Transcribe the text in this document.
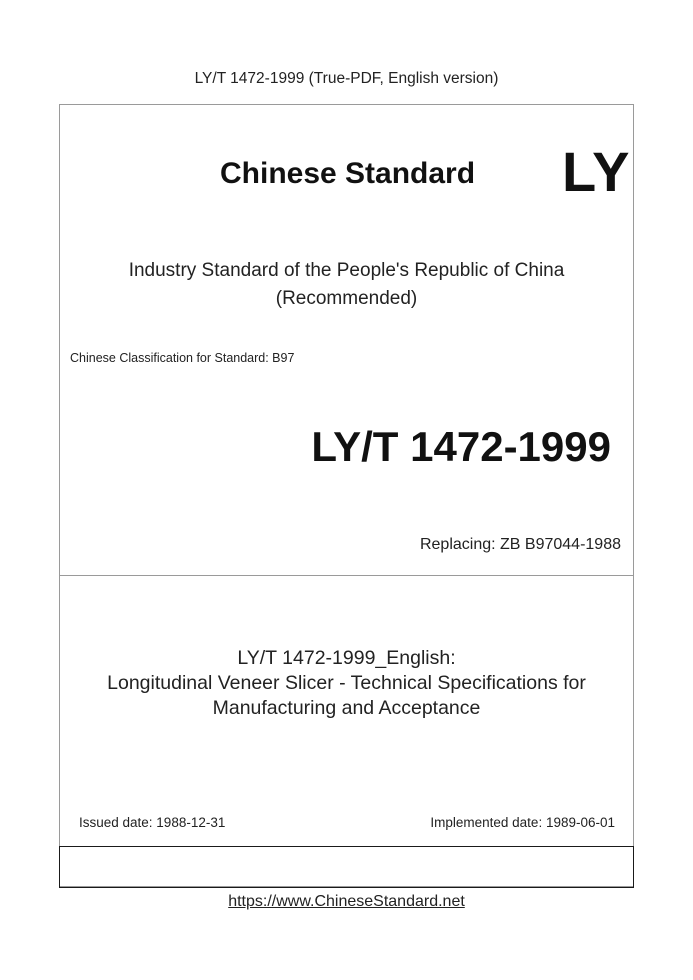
LY/T 1472-1999 (True-PDF, English version)
Chinese Standard LY
Industry Standard of the People's Republic of China
(Recommended)
Chinese Classification for Standard: B97
LY/T 1472-1999
Replacing: ZB B97044-1988
LY/T 1472-1999_English:
Longitudinal Veneer Slicer - Technical Specifications for
Manufacturing and Acceptance
Issued date: 1988-12-31	Implemented date: 1989-06-01
https://www.ChineseStandard.net
